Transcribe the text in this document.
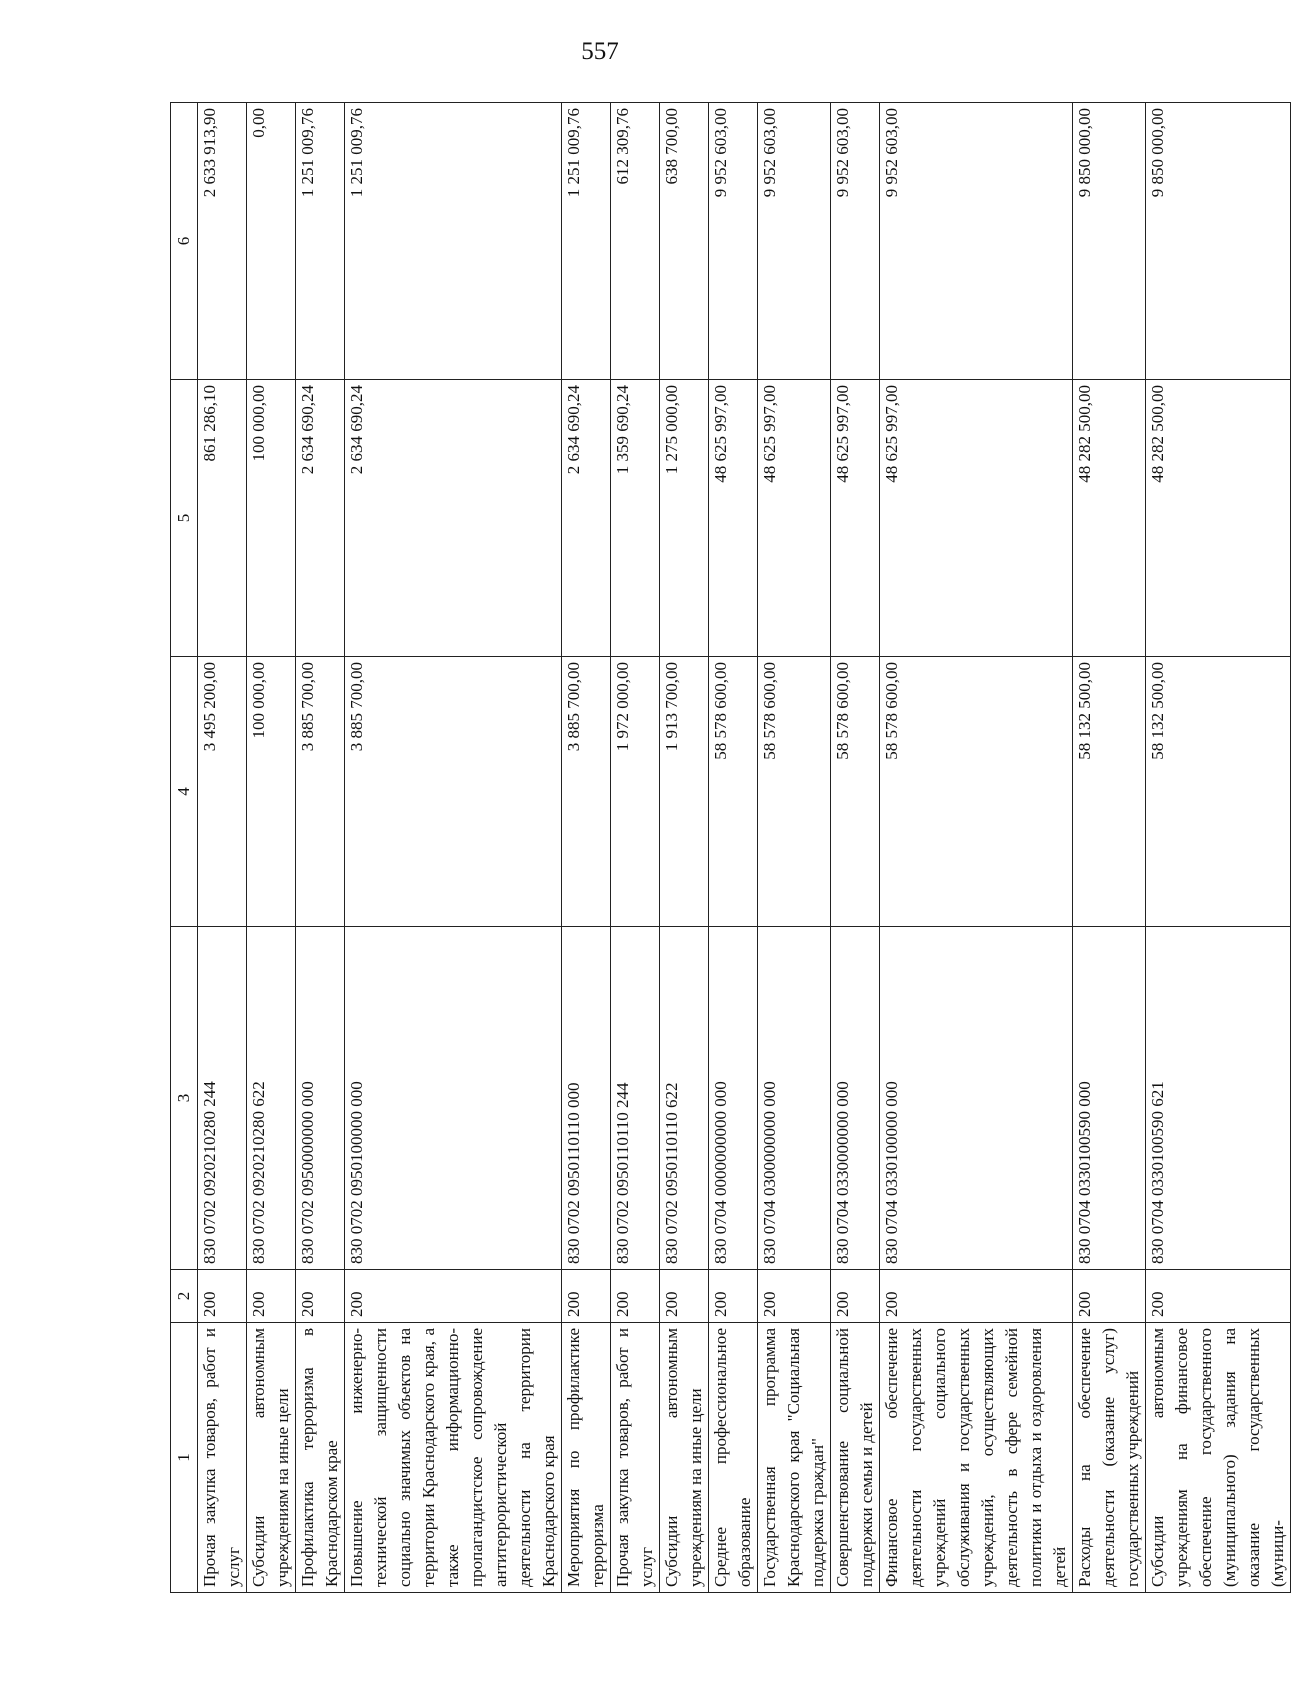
557
1	2	3	4	5	6
Прочая закупка товаров, работ и услуг	200	830 0702 0920210280 244	3 495 200,00	861 286,10	2 633 913,90
Субсидии автономным учреждениям на иные цели	200	830 0702 0920210280 622	100 000,00	100 000,00	0,00
Профилактика терроризма в Краснодарском крае	200	830 0702 0950000000 000	3 885 700,00	2 634 690,24	1 251 009,76
Повышение инженерно-технической защищенности социально значимых объектов на территории Краснодарского края, а также информационно-пропагандистское сопровождение антитеррористической деятельности на территории Краснодарского края	200	830 0702 0950100000 000	3 885 700,00	2 634 690,24	1 251 009,76
Мероприятия по профилактике терроризма	200	830 0702 0950110110 000	3 885 700,00	2 634 690,24	1 251 009,76
Прочая закупка товаров, работ и услуг	200	830 0702 0950110110 244	1 972 000,00	1 359 690,24	612 309,76
Субсидии автономным учреждениям на иные цели	200	830 0702 0950110110 622	1 913 700,00	1 275 000,00	638 700,00
Среднее профессиональное образование	200	830 0704 0000000000 000	58 578 600,00	48 625 997,00	9 952 603,00
Государственная программа Краснодарского края "Социальная поддержка граждан"	200	830 0704 0300000000 000	58 578 600,00	48 625 997,00	9 952 603,00
Совершенствование социальной поддержки семьи и детей	200	830 0704 0330000000 000	58 578 600,00	48 625 997,00	9 952 603,00
Финансовое обеспечение деятельности государственных учреждений социального обслуживания и государственных учреждений, осуществляющих деятельность в сфере семейной политики и отдыха и оздоровления детей	200	830 0704 0330100000 000	58 578 600,00	48 625 997,00	9 952 603,00
Расходы на обеспечение деятельности (оказание услуг) государственных учреждений	200	830 0704 0330100590 000	58 132 500,00	48 282 500,00	9 850 000,00
Субсидии автономным учреждениям на финансовое обеспечение государственного (муниципального) задания на оказание государственных (муници-	200	830 0704 0330100590 621	58 132 500,00	48 282 500,00	9 850 000,00
